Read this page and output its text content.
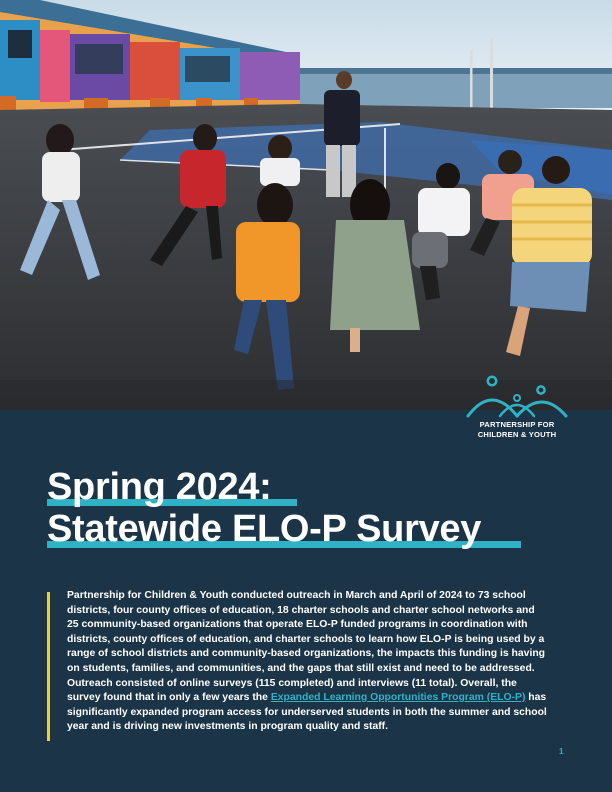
PARTNERSHIP FOR
CHILDREN & YOUTH
Spring 2024:
Statewide ELO-P Survey

Partnership for Children & Youth conducted outreach in March and April of 2024 to 73 school districts, four county offices of education, 18 charter schools and charter school networks and 25 community-based organizations that operate ELO-P funded programs in coordination with districts, county offices of education, and charter schools to learn how ELO-P is being used by a range of school districts and community-based organizations, the impacts this funding is having on students, families, and communities, and the gaps that still exist and need to be addressed. Outreach consisted of online surveys (115 completed) and interviews (11 total). Overall, the survey found that in only a few years the Expanded Learning Opportunities Program (ELO-P) has significantly expanded program access for underserved students in both the summer and school year and is driving new investments in program quality and staff.

1
